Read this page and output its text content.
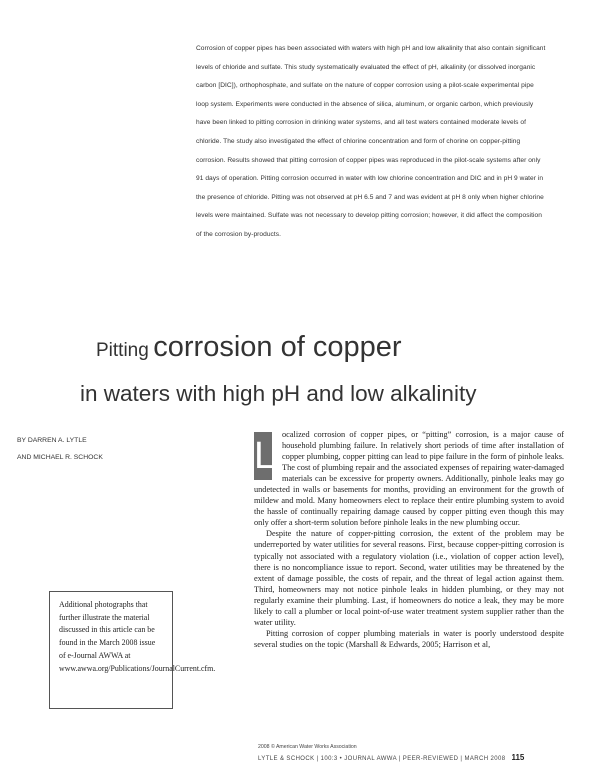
Corrosion of copper pipes has been associated with waters with high pH and low alkalinity that also contain significant levels of chloride and sulfate. This study systematically evaluated the effect of pH, alkalinity (or dissolved inorganic carbon [DIC]), orthophosphate, and sulfate on the nature of copper corrosion using a pilot-scale experimental pipe loop system. Experiments were conducted in the absence of silica, aluminum, or organic carbon, which previously have been linked to pitting corrosion in drinking water systems, and all test waters contained moderate levels of chloride. The study also investigated the effect of chlorine concentration and form of chorine on copper-pitting corrosion. Results showed that pitting corrosion of copper pipes was reproduced in the pilot-scale systems after only 91 days of operation. Pitting corrosion occurred in water with low chlorine concentration and DIC and in pH 9 water in the presence of chloride. Pitting was not observed at pH 6.5 and 7 and was evident at pH 8 only when higher chlorine levels were maintained. Sulfate was not necessary to develop pitting corrosion; however, it did affect the composition of the corrosion by-products.

Pitting corrosion of copper
in waters with high pH and low alkalinity
BY DARREN A. LYTLE
AND MICHAEL R. SCHOCK	L
ocalized corrosion of copper pipes, or “pitting” corrosion, is a major cause of household plumbing failure. In relatively short periods of time after installation of copper plumbing, copper pitting can lead to pipe failure in the form of pinhole leaks. The cost of plumbing repair and the associated expenses of repairing water-damaged materials can be excessive for property owners. Additionally, pinhole leaks may go undetected in walls or basements for months, providing an environment for the growth of mildew and mold. Many homeowners elect to replace their entire plumbing system to avoid the hassle of continually repairing damage caused by copper pitting even though this may only offer a short-term solution before pinhole leaks in the new plumbing occur.

Despite the nature of copper-pitting corrosion, the extent of the problem may be underreported by water utilities for several reasons. First, because copper-pitting corrosion is typically not associated with a regulatory violation (i.e., violation of copper action level), there is no noncompliance issue to report. Second, water utilities may be threatened by the extent of damage possible, the costs of repair, and the threat of legal action against them. Third, homeowners may not notice pinhole leaks in hidden plumbing, or they may not regularly examine their plumbing. Last, if homeowners do notice a leak, they may be more likely to call a plumber or local point-of-use water treatment system supplier rather than the water utility.

Pitting corrosion of copper plumbing materials in water is poorly understood despite several studies on the topic (Marshall & Edwards, 2005; Harrison et al,

Additional photographs that further illustrate the material discussed in this article can be found in the March 2008 issue of e-Journal AWWA at www.awwa.org/Publications/JournalCurrent.cfm.
2008 © American Water Works Association
LYTLE & SCHOCK | 100:3 • JOURNAL AWWA | PEER-REVIEWED | MARCH 2008 115
